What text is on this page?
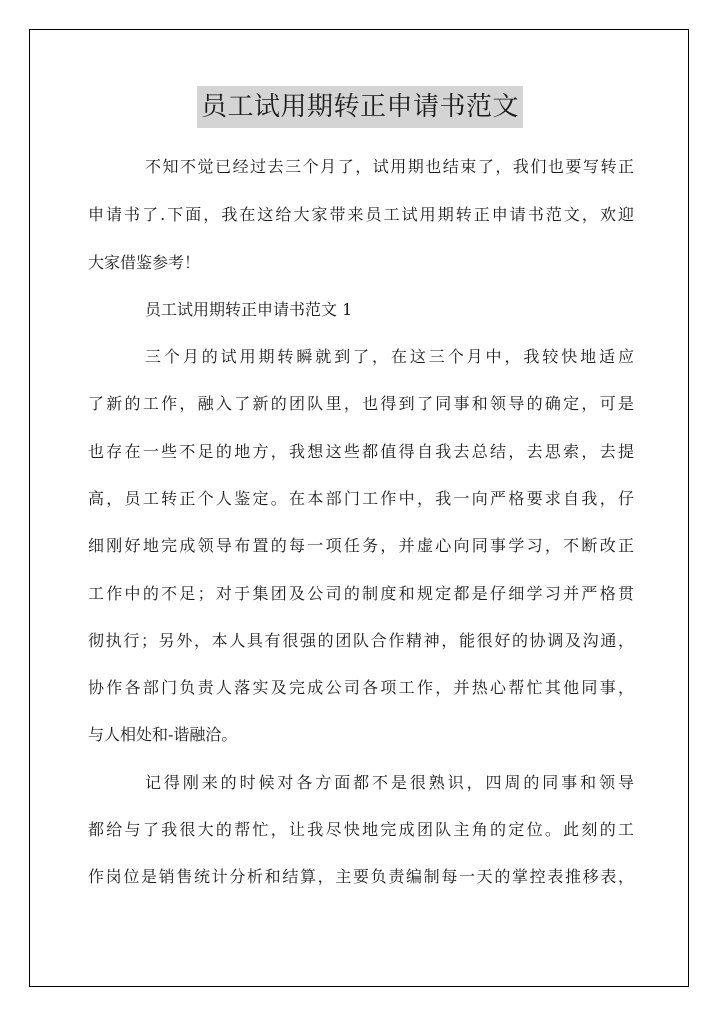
员工试用期转正申请书范文
不知不觉已经过去三个月了，试用期也结束了，我们也要写转正
申请书了.下面，我在这给大家带来员工试用期转正申请书范文，欢迎
大家借鉴参考！
员工试用期转正申请书范文 1
三个月的试用期转瞬就到了，在这三个月中，我较快地适应
了新的工作，融入了新的团队里，也得到了同事和领导的确定，可是
也存在一些不足的地方，我想这些都值得自我去总结，去思索，去提
高，员工转正个人鉴定。在本部门工作中，我一向严格要求自我，仔
细刚好地完成领导布置的每一项任务，并虚心向同事学习，不断改正
工作中的不足；对于集团及公司的制度和规定都是仔细学习并严格贯
彻执行；另外，本人具有很强的团队合作精神，能很好的协调及沟通，
协作各部门负责人落实及完成公司各项工作，并热心帮忙其他同事，
与人相处和-谐融洽。
记得刚来的时候对各方面都不是很熟识，四周的同事和领导
都给与了我很大的帮忙，让我尽快地完成团队主角的定位。此刻的工
作岗位是销售统计分析和结算，主要负责编制每一天的掌控表推移表，
